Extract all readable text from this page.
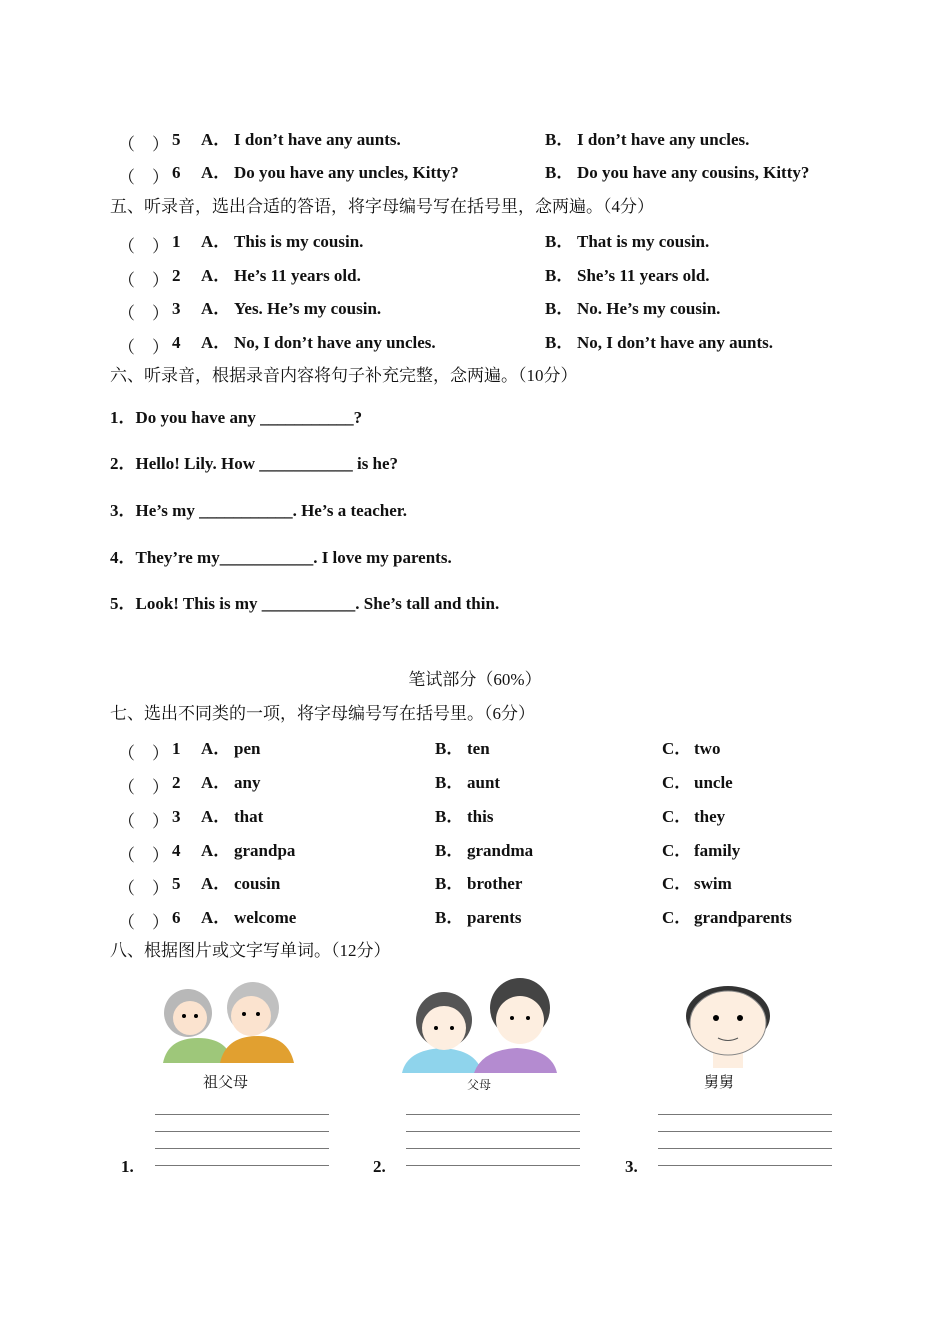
（    ） 5 A． I don’t have any aunts.	B． I don’t have any uncles.
（    ） 6 A． Do you have any uncles, Kitty?	B． Do you have any cousins, Kitty?
五、听录音，选出合适的答语，将字母编号写在括号里，念两遍。（4分）
（    ） 1 A． This is my cousin.	B． That is my cousin.
（    ） 2 A． He’s 11 years old.	B． She’s 11 years old.
（    ） 3 A． Yes. He’s my cousin.	B． No. He’s my cousin.
（    ） 4 A． No, I don’t have any uncles.	B． No, I don’t have any aunts.
六、听录音，根据录音内容将句子补充完整，念两遍。（10分）
1．Do you have any ___________?
2．Hello! Lily. How ___________ is he?
3．He’s my ___________. He’s a teacher.
4．They’re my___________. I love my parents.
5．Look! This is my ___________. She’s tall and thin.
笔试部分（60%）
七、选出不同类的一项，将字母编号写在括号里。（6分）
（    ） 1 A． pen	B． ten	C． two
（    ） 2 A． any	B． aunt	C． uncle
（    ） 3 A． that	B． this	C． they
（    ） 4 A． grandpa	B． grandma	C． family
（    ） 5 A． cousin	B． brother	C． swim
（    ） 6 A． welcome	B． parents	C． grandparents
八、根据图片或文字写单词。（12分）
祖父母	父母	舅舅
1.	2.	3.
